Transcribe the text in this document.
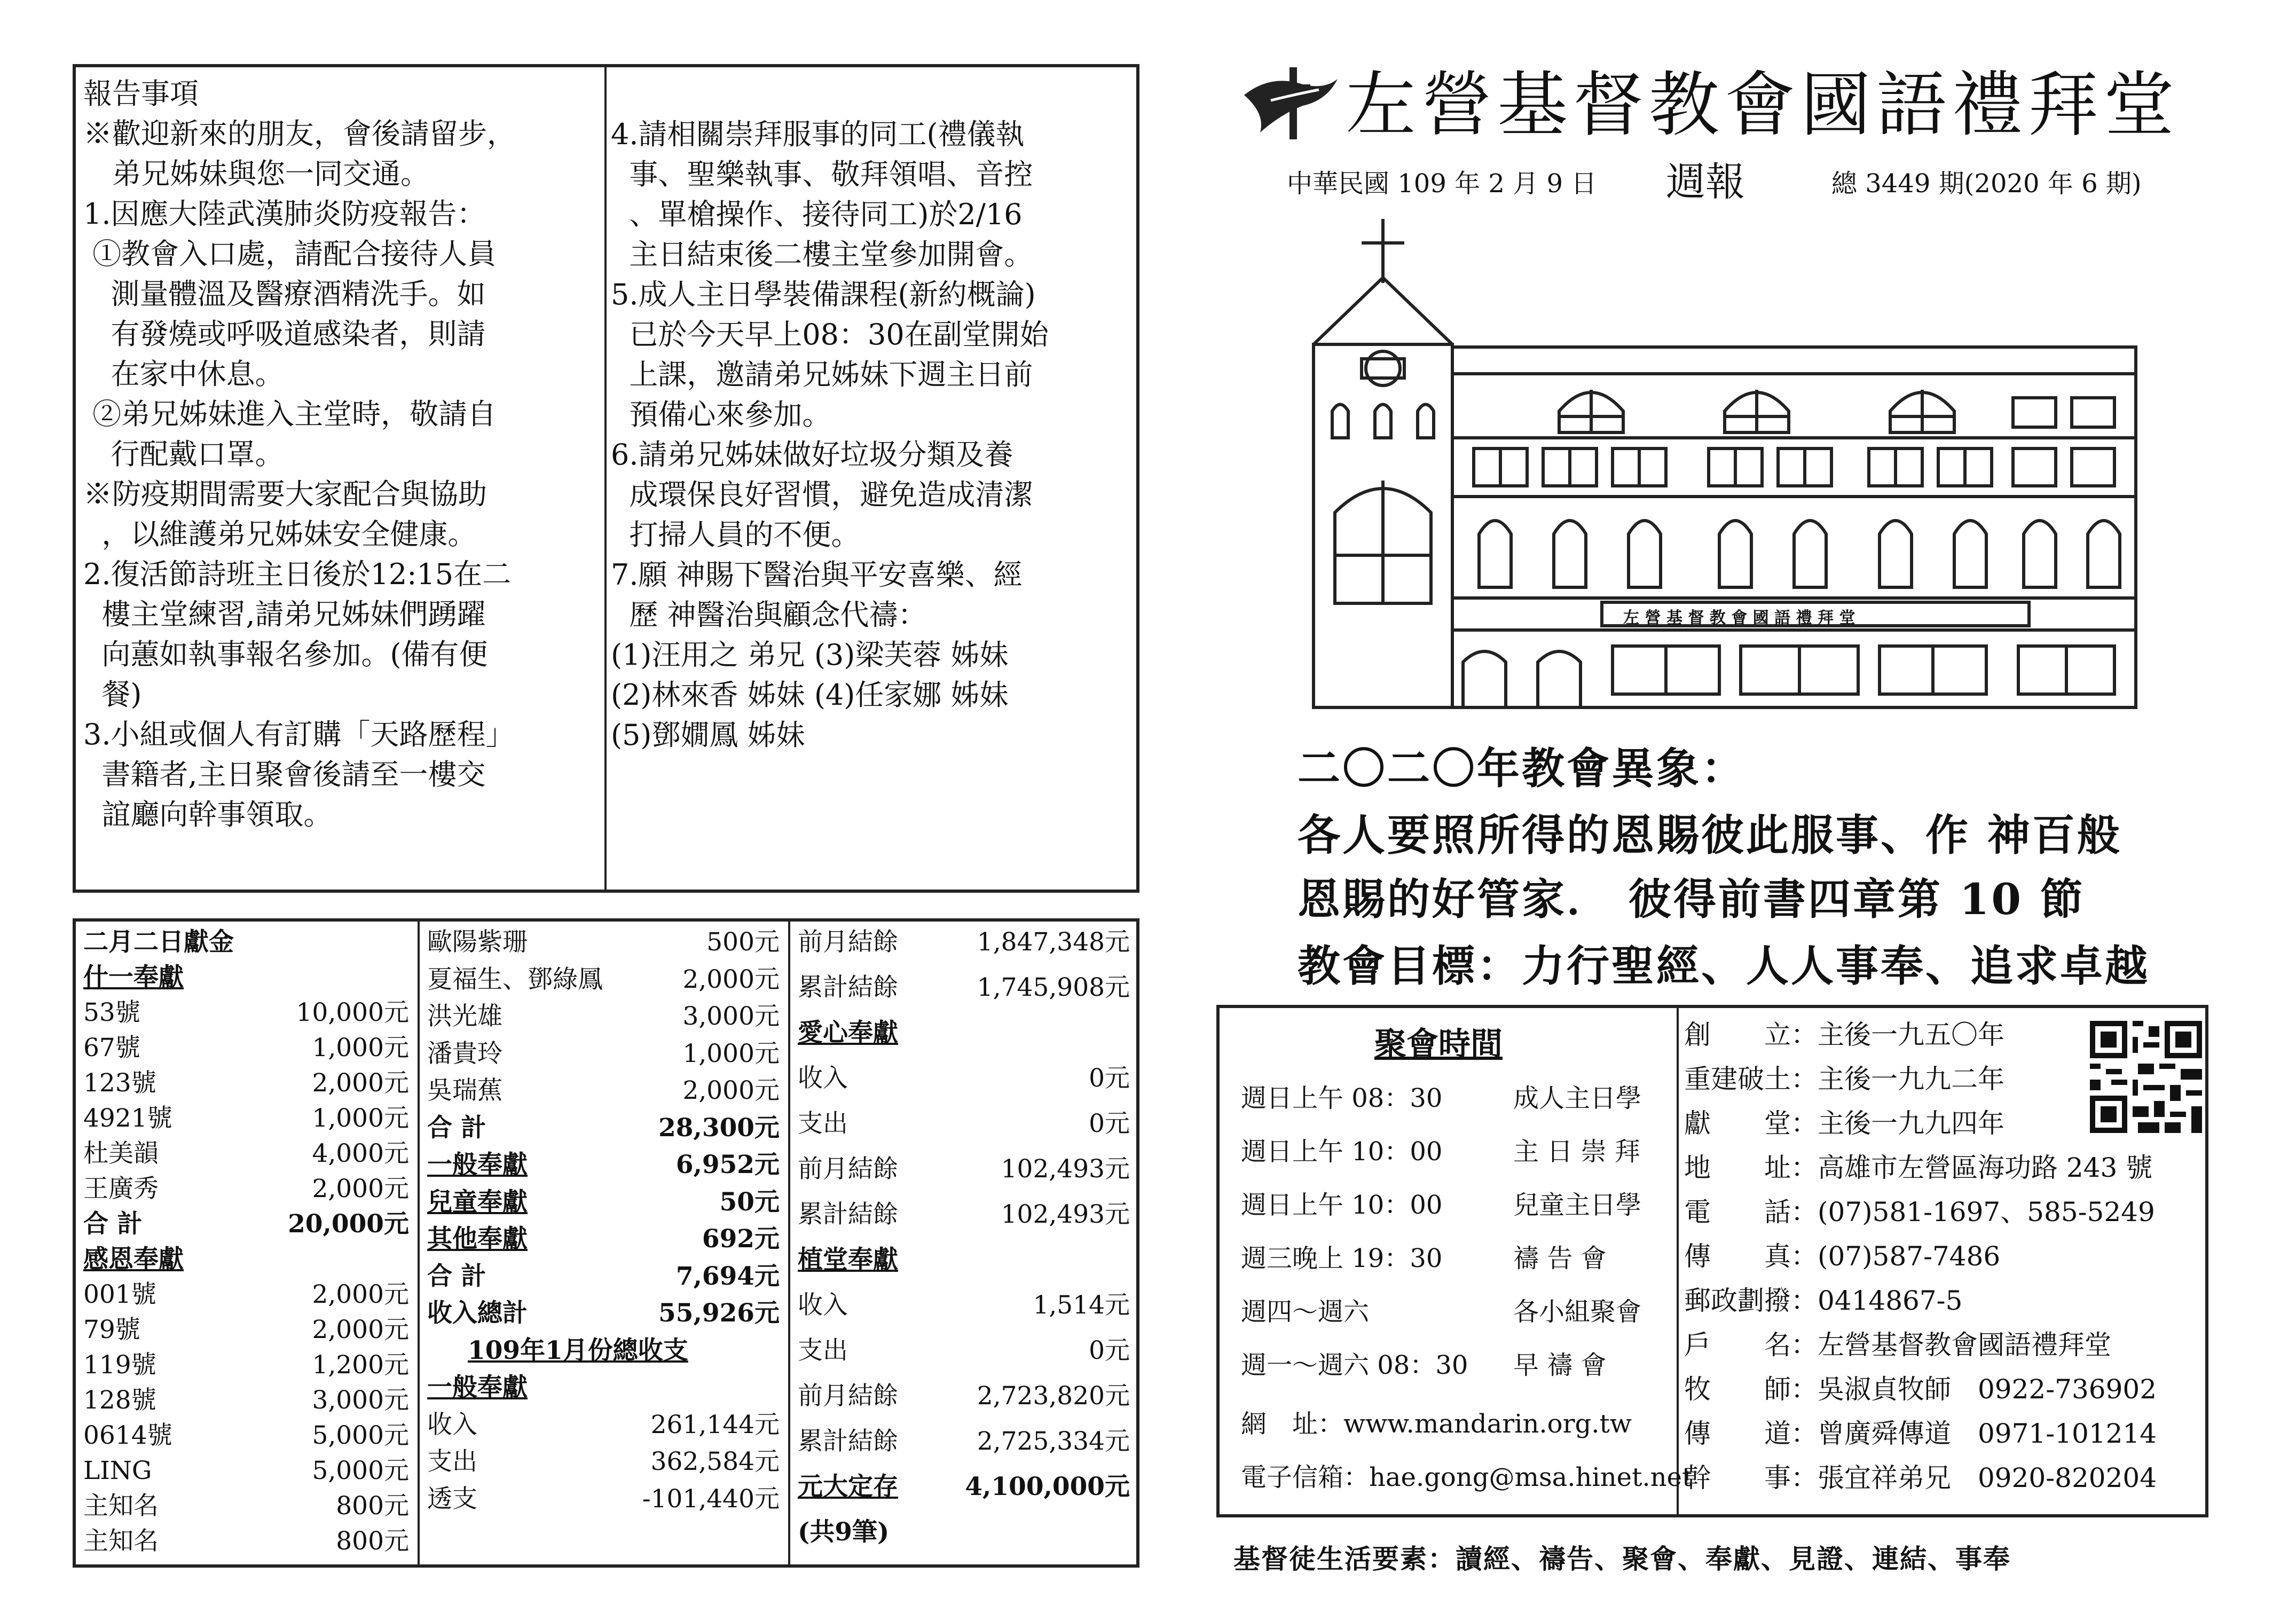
報告事項
※歡迎新來的朋友，會後請留步，
　弟兄姊妹與您一同交通。
1.因應大陸武漢肺炎防疫報告：
①教會入口處，請配合接待人員
測量體溫及醫療酒精洗手。如
有發燒或呼吸道感染者，則請
在家中休息。
②弟兄姊妹進入主堂時，敬請自
行配戴口罩。
※防疫期間需要大家配合與協助
，以維護弟兄姊妹安全健康。
2.復活節詩班主日後於12:15在二
樓主堂練習,請弟兄姊妹們踴躍
向蕙如執事報名參加。(備有便
餐)
3.小組或個人有訂購「天路歷程」
書籍者,主日聚會後請至一樓交
誼廳向幹事領取。
4.請相關崇拜服事的同工(禮儀執
事、聖樂執事、敬拜領唱、音控
、單槍操作、接待同工)於2/16
主日結束後二樓主堂參加開會。
5.成人主日學裝備課程(新約概論)
已於今天早上08：30在副堂開始
上課，邀請弟兄姊妹下週主日前
預備心來參加。
6.請弟兄姊妹做好垃圾分類及養
成環保良好習慣，避免造成清潔
打掃人員的不便。
7.願 神賜下醫治與平安喜樂、經
歷 神醫治與顧念代禱：
(1)汪用之 弟兄 (3)梁芙蓉 姊妹
(2)林來香 姊妹 (4)任家娜 姊妹
(5)鄧嫺鳳 姊妹
二月二日獻金
什一奉獻
53號	10,000元
67號	1,000元
123號	2,000元
4921號	1,000元
杜美韻	4,000元
王廣秀	2,000元
合 計	20,000元
感恩奉獻
001號	2,000元
79號	2,000元
119號	1,200元
128號	3,000元
0614號	5,000元
LING	5,000元
主知名	800元
主知名	800元
歐陽紫珊	500元
夏福生、鄧綠鳳	2,000元
洪光雄	3,000元
潘貴玲	1,000元
吳瑞蕉	2,000元
合 計	28,300元
一般奉獻	6,952元
兒童奉獻	50元
其他奉獻	692元
合 計	7,694元
收入總計	55,926元
109年1月份總收支
一般奉獻
收入	261,144元
支出	362,584元
透支	-101,440元
前月結餘	1,847,348元
累計結餘	1,745,908元
愛心奉獻
收入	0元
支出	0元
前月結餘	102,493元
累計結餘	102,493元
植堂奉獻
收入	1,514元
支出	0元
前月結餘	2,723,820元
累計結餘	2,725,334元
元大定存	4,100,000元
(共9筆)
左營基督教會國語禮拜堂
中華民國 109 年 2 月 9 日 週報	總 3449 期(2020 年 6 期)
左 營 基 督 教 會 國 語 禮 拜 堂
二〇二〇年教會異象：
各人要照所得的恩賜彼此服事、作 神百般
恩賜的好管家． 彼得前書四章第 10 節
教會目標：力行聖經、人人事奉、追求卓越
聚會時間
週日上午 08：30	成人主日學
週日上午 10：00	主 日 崇 拜
週日上午 10：00	兒童主日學
週三晚上 19：30	禱 告 會
週四～週六	各小組聚會
週一～週六 08：30 早 禱 會
網　址：www.mandarin.org.tw
電子信箱：hae.gong@msa.hinet.net
創　　立：主後一九五〇年
重建破土：主後一九九二年
獻　　堂：主後一九九四年
地　　址：高雄市左營區海功路 243 號
電　　話：(07)581-1697、585-5249
傳　　真：(07)587-7486
郵政劃撥：0414867-5
戶　　名：左營基督教會國語禮拜堂
牧　　師：吳淑貞牧師　0922-736902
傳　　道：曾廣舜傳道　0971-101214
幹　　事：張宜祥弟兄　0920-820204
基督徒生活要素：讀經、禱告、聚會、奉獻、見證、連結、事奉
